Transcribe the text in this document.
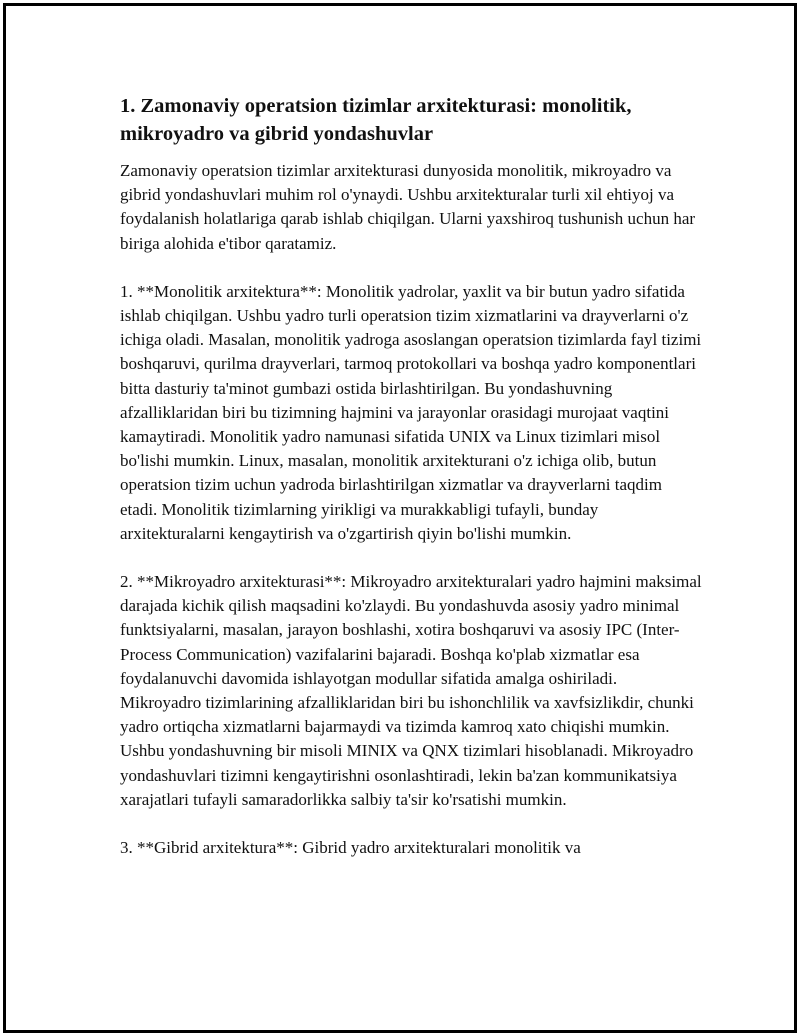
1. Zamonaviy operatsion tizimlar arxitekturasi: monolitik, mikroyadro va gibrid yondashuvlar

Zamonaviy operatsion tizimlar arxitekturasi dunyosida monolitik, mikroyadro va gibrid yondashuvlari muhim rol o'ynaydi. Ushbu arxitekturalar turli xil ehtiyoj va foydalanish holatlariga qarab ishlab chiqilgan. Ularni yaxshiroq tushunish uchun har biriga alohida e'tibor qaratamiz.

1. **Monolitik arxitektura**: Monolitik yadrolar, yaxlit va bir butun yadro sifatida ishlab chiqilgan. Ushbu yadro turli operatsion tizim xizmatlarini va drayverlarni o'z ichiga oladi. Masalan, monolitik yadroga asoslangan operatsion tizimlarda fayl tizimi boshqaruvi, qurilma drayverlari, tarmoq protokollari va boshqa yadro komponentlari bitta dasturiy ta'minot gumbazi ostida birlashtirilgan. Bu yondashuvning afzalliklaridan biri bu tizimning hajmini va jarayonlar orasidagi murojaat vaqtini kamaytiradi. Monolitik yadro namunasi sifatida UNIX va Linux tizimlari misol bo'lishi mumkin. Linux, masalan, monolitik arxitekturani o'z ichiga olib, butun operatsion tizim uchun yadroda birlashtirilgan xizmatlar va drayverlarni taqdim etadi. Monolitik tizimlarning yirikligi va murakkabligi tufayli, bunday arxitekturalarni kengaytirish va o'zgartirish qiyin bo'lishi mumkin.

2. **Mikroyadro arxitekturasi**: Mikroyadro arxitekturalari yadro hajmini maksimal darajada kichik qilish maqsadini ko'zlaydi. Bu yondashuvda asosiy yadro minimal funktsiyalarni, masalan, jarayon boshlashi, xotira boshqaruvi va asosiy IPC (Inter-Process Communication) vazifalarini bajaradi. Boshqa ko'plab xizmatlar esa foydalanuvchi davomida ishlayotgan modullar sifatida amalga oshiriladi. Mikroyadro tizimlarining afzalliklaridan biri bu ishonchlilik va xavfsizlikdir, chunki yadro ortiqcha xizmatlarni bajarmaydi va tizimda kamroq xato chiqishi mumkin. Ushbu yondashuvning bir misoli MINIX va QNX tizimlari hisoblanadi. Mikroyadro yondashuvlari tizimni kengaytirishni osonlashtiradi, lekin ba'zan kommunikatsiya xarajatlari tufayli samaradorlikka salbiy ta'sir ko'rsatishi mumkin.

3. **Gibrid arxitektura**: Gibrid yadro arxitekturalari monolitik va
